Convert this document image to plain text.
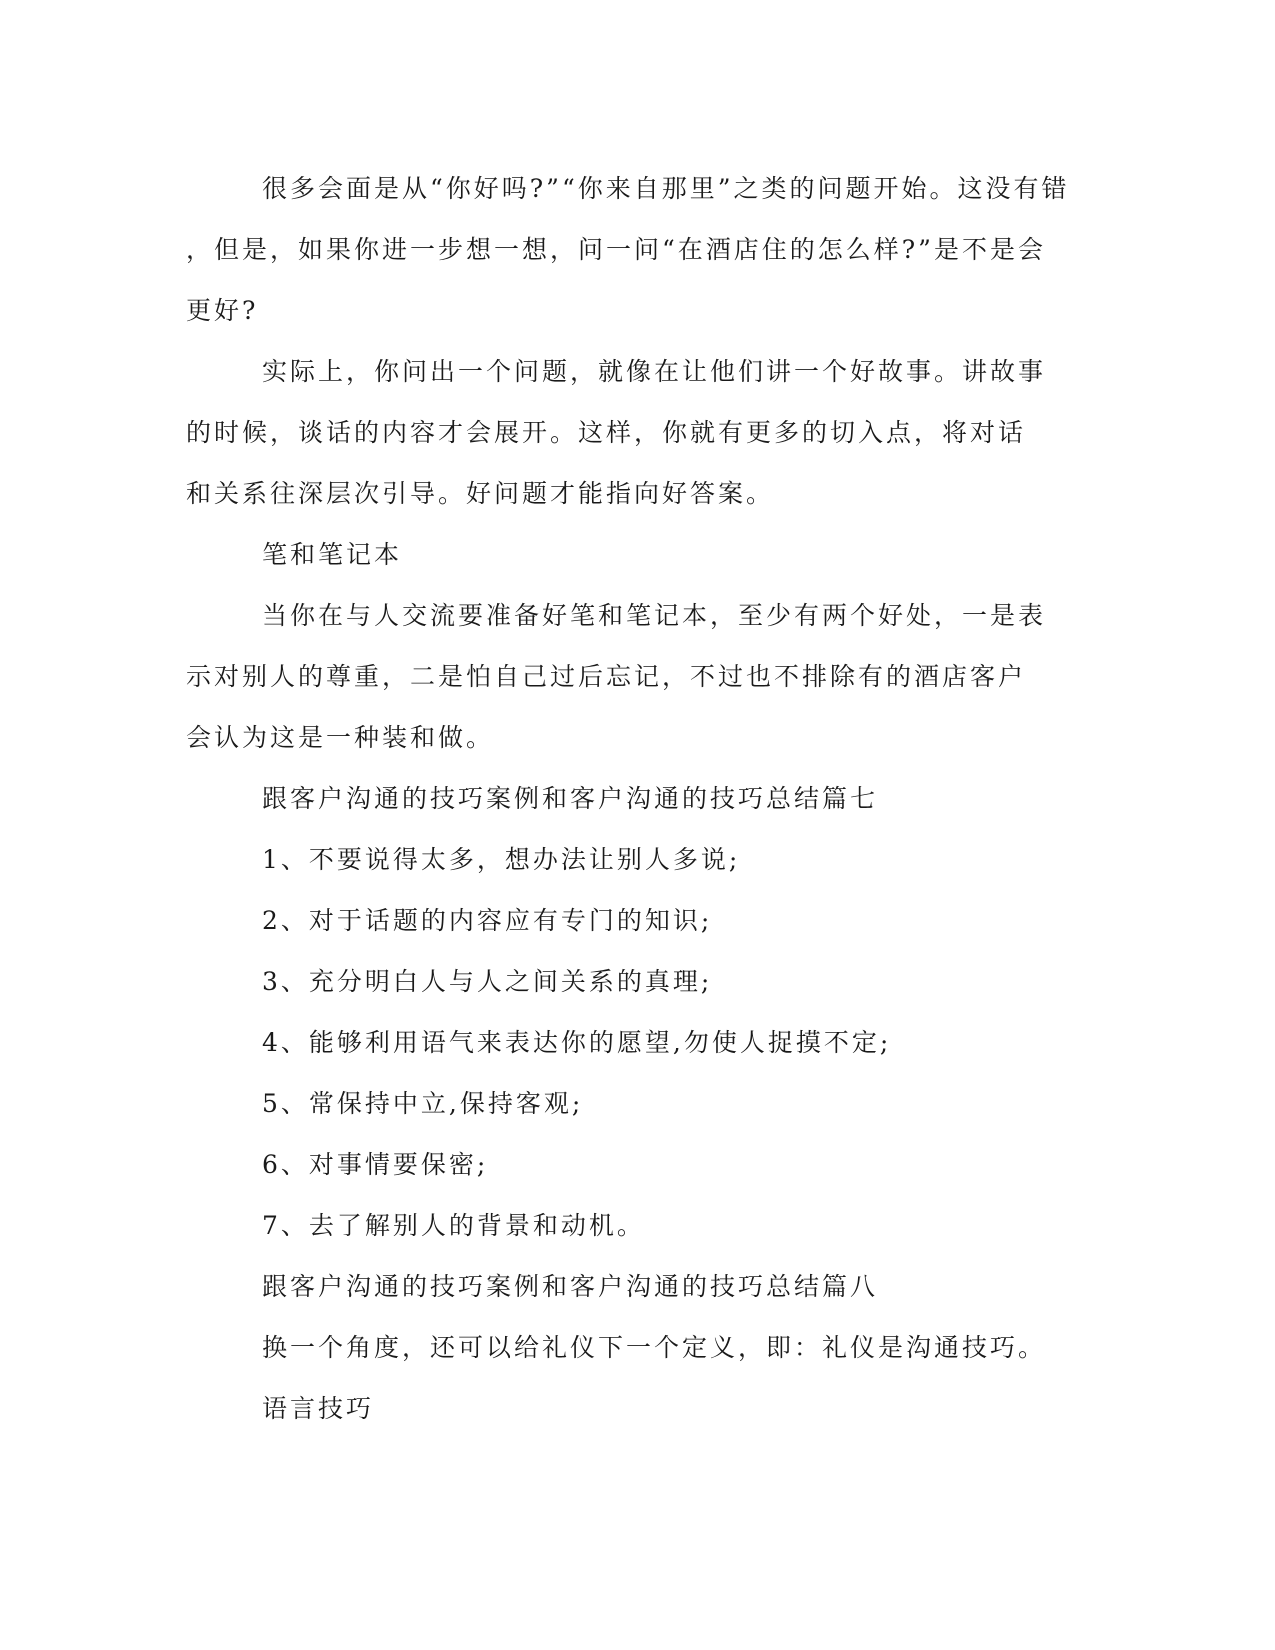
很多会面是从“你好吗?”“你来自那里”之类的问题开始。这没有错
，但是，如果你进一步想一想，问一问“在酒店住的怎么样?”是不是会
更好?
实际上，你问出一个问题，就像在让他们讲一个好故事。讲故事
的时候，谈话的内容才会展开。这样，你就有更多的切入点，将对话
和关系往深层次引导。好问题才能指向好答案。
笔和笔记本
当你在与人交流要准备好笔和笔记本，至少有两个好处，一是表
示对别人的尊重，二是怕自己过后忘记，不过也不排除有的酒店客户
会认为这是一种装和做。
跟客户沟通的技巧案例和客户沟通的技巧总结篇七
1、不要说得太多，想办法让别人多说;
2、对于话题的内容应有专门的知识;
3、充分明白人与人之间关系的真理;
4、能够利用语气来表达你的愿望,勿使人捉摸不定;
5、常保持中立,保持客观;
6、对事情要保密;
7、去了解别人的背景和动机。
跟客户沟通的技巧案例和客户沟通的技巧总结篇八
换一个角度，还可以给礼仪下一个定义，即：礼仪是沟通技巧。
语言技巧
